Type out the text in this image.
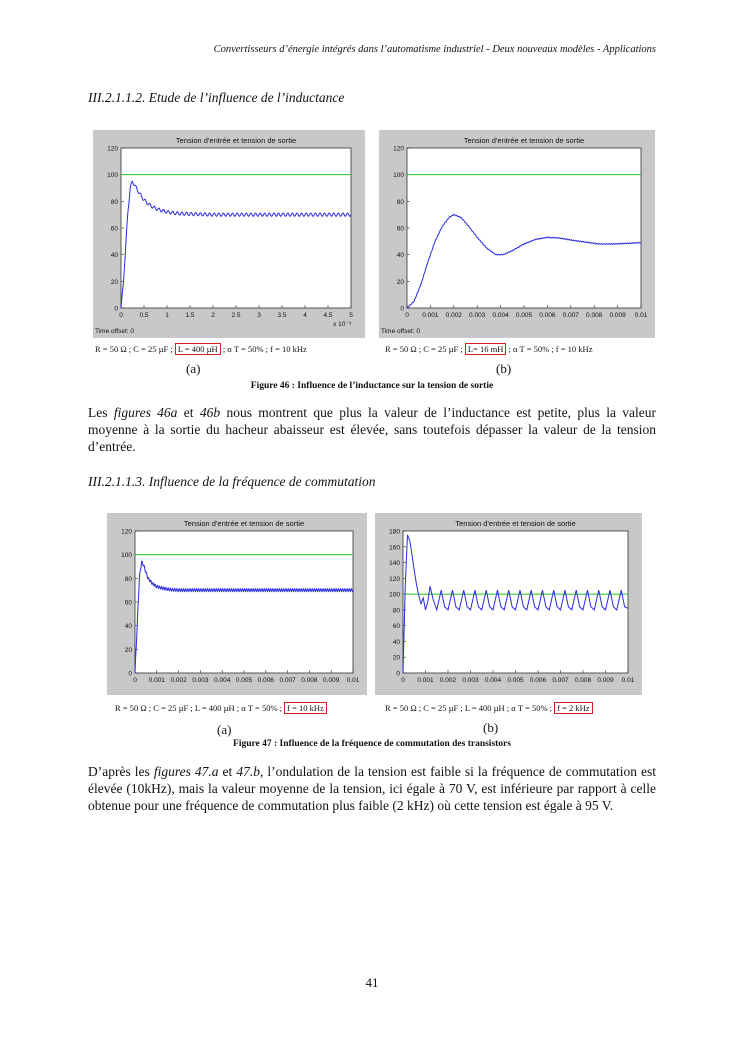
Convertisseurs d’énergie intégrés dans l’automatisme industriel - Deux nouveaux modèles - Applications
III.2.1.1.2. Etude de l’influence de l’inductance
Tension d'entrée et tension de sortie
0	0.5	1	1.5	2	2.5	3	3.5	4	4.5	5
0
20
40
60
80
100
120
x 10⁻³
Time offset: 0
Tension d'entrée et tension de sortie
0 0.001 0.002 0.003 0.004 0.005 0.006 0.007 0.008 0.009 0.01
0
20
40
60
80
100
120
Time offset: 0
R = 50 Ω ; C = 25 µF ; L = 400 µH ; α T = 50% ; f = 10 kHz	R = 50 Ω ; C = 25 µF ; L= 16 mH ; α T = 50% ; f = 10 kHz
(a)	(b)
Figure 46 : Influence de l’inductance sur la tension de sortie

Les figures 46a et 46b nous montrent que plus la valeur de l’inductance est petite, plus la valeur moyenne à la sortie du hacheur abaisseur est élevée, sans toutefois dépasser la valeur de la tension d’entrée.

III.2.1.1.3. Influence de la fréquence de commutation
Tension d'entrée et tension de sortie
0 0.001 0.002 0.003 0.004 0.005 0.006 0.007 0.008 0.009 0.01
0
20
40
60
80
100
120
Tension d'entrée et tension de sortie
0 0.001 0.002 0.003 0.004 0.005 0.006 0.007 0.008 0.009 0.01
0
20
40
60
80
100
120
140
160
180
R = 50 Ω ; C = 25 µF ; L = 400 µH ; α T = 50% ; f = 10 kHz	R = 50 Ω ; C = 25 µF ; L = 400 µH ; α T = 50% ; f = 2 kHz
(a)	(b)
Figure 47 : Influence de la fréquence de commutation des transistors

D’après les figures 47.a et 47.b, l’ondulation de la tension est faible si la fréquence de commutation est élevée (10kHz), mais la valeur moyenne de la tension, ici égale à 70 V, est inférieure par rapport à celle obtenue pour une fréquence de commutation plus faible (2 kHz) où cette tension est égale à 95 V.

41
